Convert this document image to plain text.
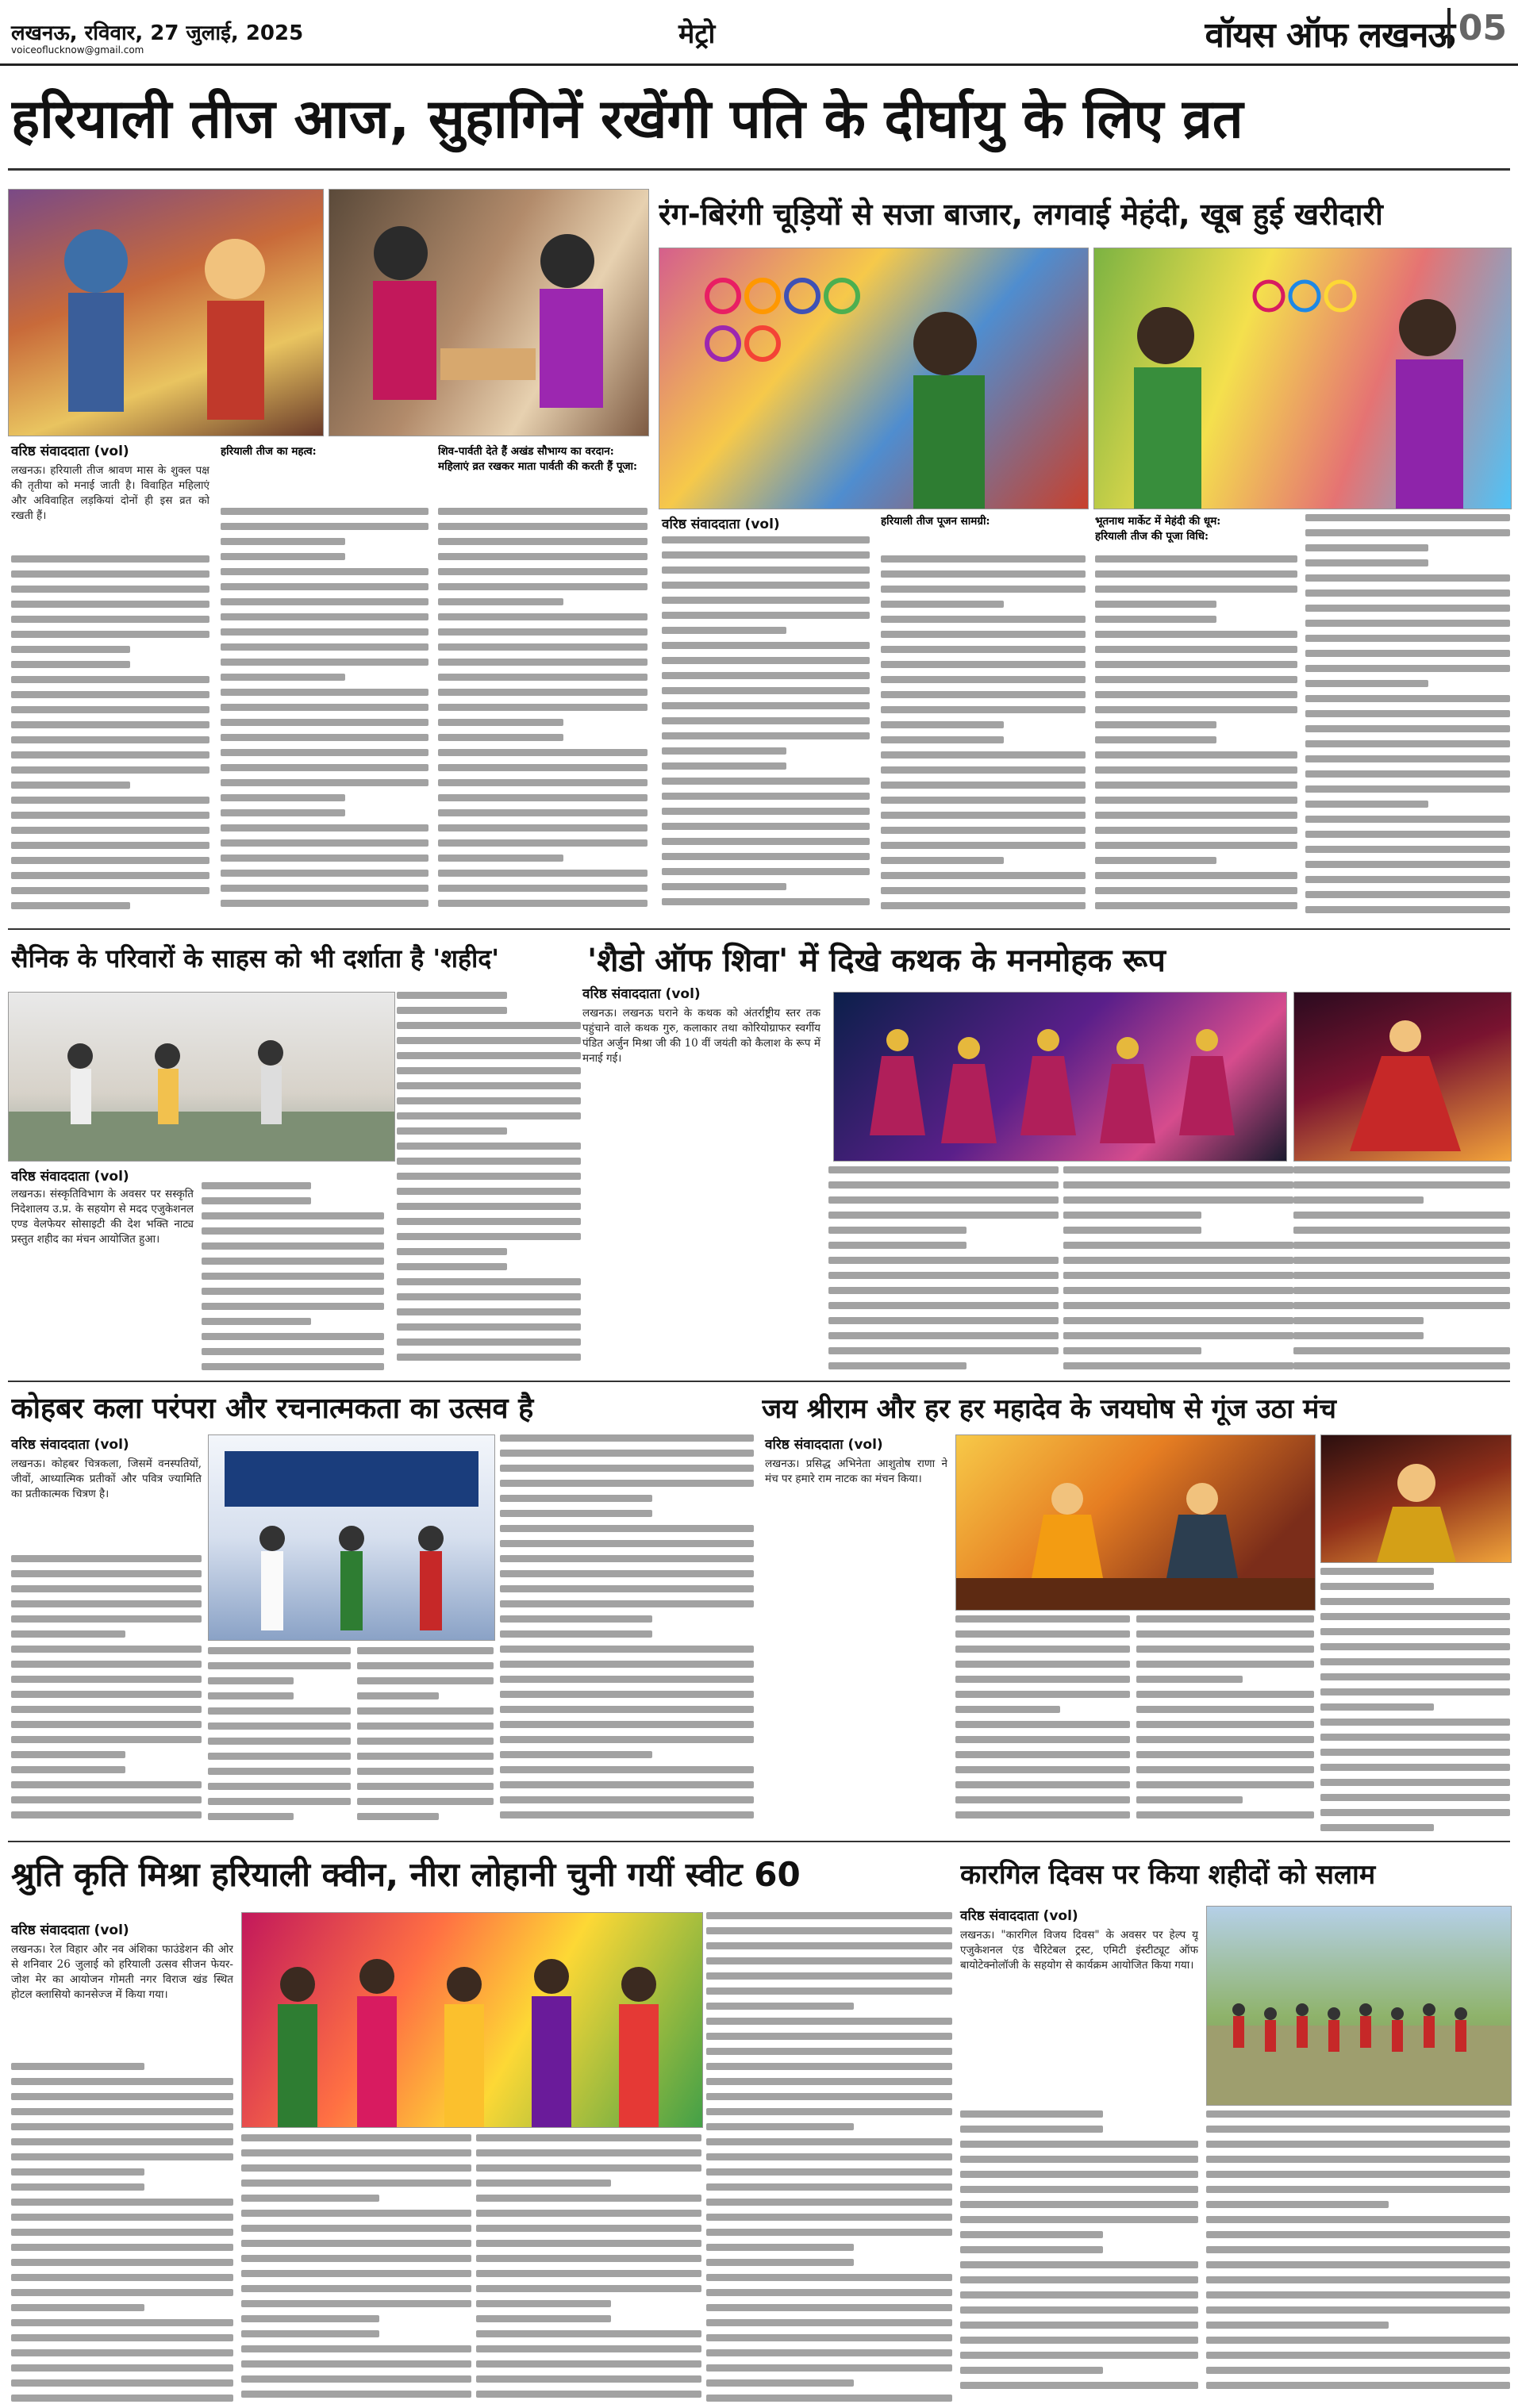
लखनऊ, रविवार, 27 जुलाई, 2025
voiceoflucknow@gmail.com	मेट्रो	वॉयस ऑफ लखनऊ 05
हरियाली तीज आज, सुहागिनें रखेंगी पति के दीर्घायु के लिए व्रत
रंग-बिरंगी चूड़ियों से सजा बाजार, लगवाई मेहंदी, खूब हुई खरीदारी
वरिष्ठ संवाददाता (vol)
लखनऊ। हरियाली तीज श्रावण मास के शुक्ल पक्ष की तृतीया को मनाई जाती है। विवाहित महिलाएं और अविवाहित लड़कियां दोनों ही इस व्रत को रखती हैं।
हरियाली तीज का महत्व:	शिव-पार्वती देते हैं अखंड सौभाग्य का वरदान:
महिलाएं व्रत रखकर माता पार्वती की करती हैं पूजा:
वरिष्ठ संवाददाता (vol)	हरियाली तीज पूजन सामग्री:	भूतनाथ मार्केट में मेहंदी की धूम:
हरियाली तीज की पूजा विधि:
सैनिक के परिवारों के साहस को भी दर्शाता है 'शहीद'
वरिष्ठ संवाददाता (vol)
लखनऊ। संस्कृतिविभाग के अवसर पर सस्कृति निदेशालय उ.प्र. के सहयोग से मदद एजुकेशनल एण्ड वेलफेयर सोसाइटी की देश भक्ति नाट्य प्रस्तुत शहीद का मंचन आयोजित हुआ।
'शैडो ऑफ शिवा' में दिखे कथक के मनमोहक रूप
वरिष्ठ संवाददाता (vol)
लखनऊ। लखनऊ घराने के कथक को अंतर्राष्ट्रीय स्तर तक पहुंचाने वाले कथक गुरु, कलाकार तथा कोरियोग्राफर स्वर्गीय पंडित अर्जुन मिश्रा जी की 10 वीं जयंती को कैलाश के रूप में मनाई गई।
कोहबर कला परंपरा और रचनात्मकता का उत्सव है
वरिष्ठ संवाददाता (vol)
लखनऊ। कोहबर चित्रकला, जिसमें वनस्पतियों, जीवों, आध्यात्मिक प्रतीकों और पवित्र ज्यामिति का प्रतीकात्मक चित्रण है।
जय श्रीराम और हर हर महादेव के जयघोष से गूंज उठा मंच
वरिष्ठ संवाददाता (vol)
लखनऊ। प्रसिद्ध अभिनेता आशुतोष राणा ने मंच पर हमारे राम नाटक का मंचन किया।
श्रुति कृति मिश्रा हरियाली क्वीन, नीरा लोहानी चुनी गयीं स्वीट 60
वरिष्ठ संवाददाता (vol)
लखनऊ। रेल विहार और नव अंशिका फाउंडेशन की ओर से शनिवार 26 जुलाई को हरियाली उत्सव सीजन फेयर-जोश मेर का आयोजन गोमती नगर विराज खंड स्थित होटल क्लासियो कानसेज्ज में किया गया।
कारगिल दिवस पर किया शहीदों को सलाम
वरिष्ठ संवाददाता (vol)
लखनऊ। "कारगिल विजय दिवस" के अवसर पर हेल्प यू एजुकेशनल एंड चैरिटेबल ट्रस्ट, एमिटी इंस्टीट्यूट ऑफ बायोटेक्नोलॉजी के सहयोग से कार्यक्रम आयोजित किया गया।
